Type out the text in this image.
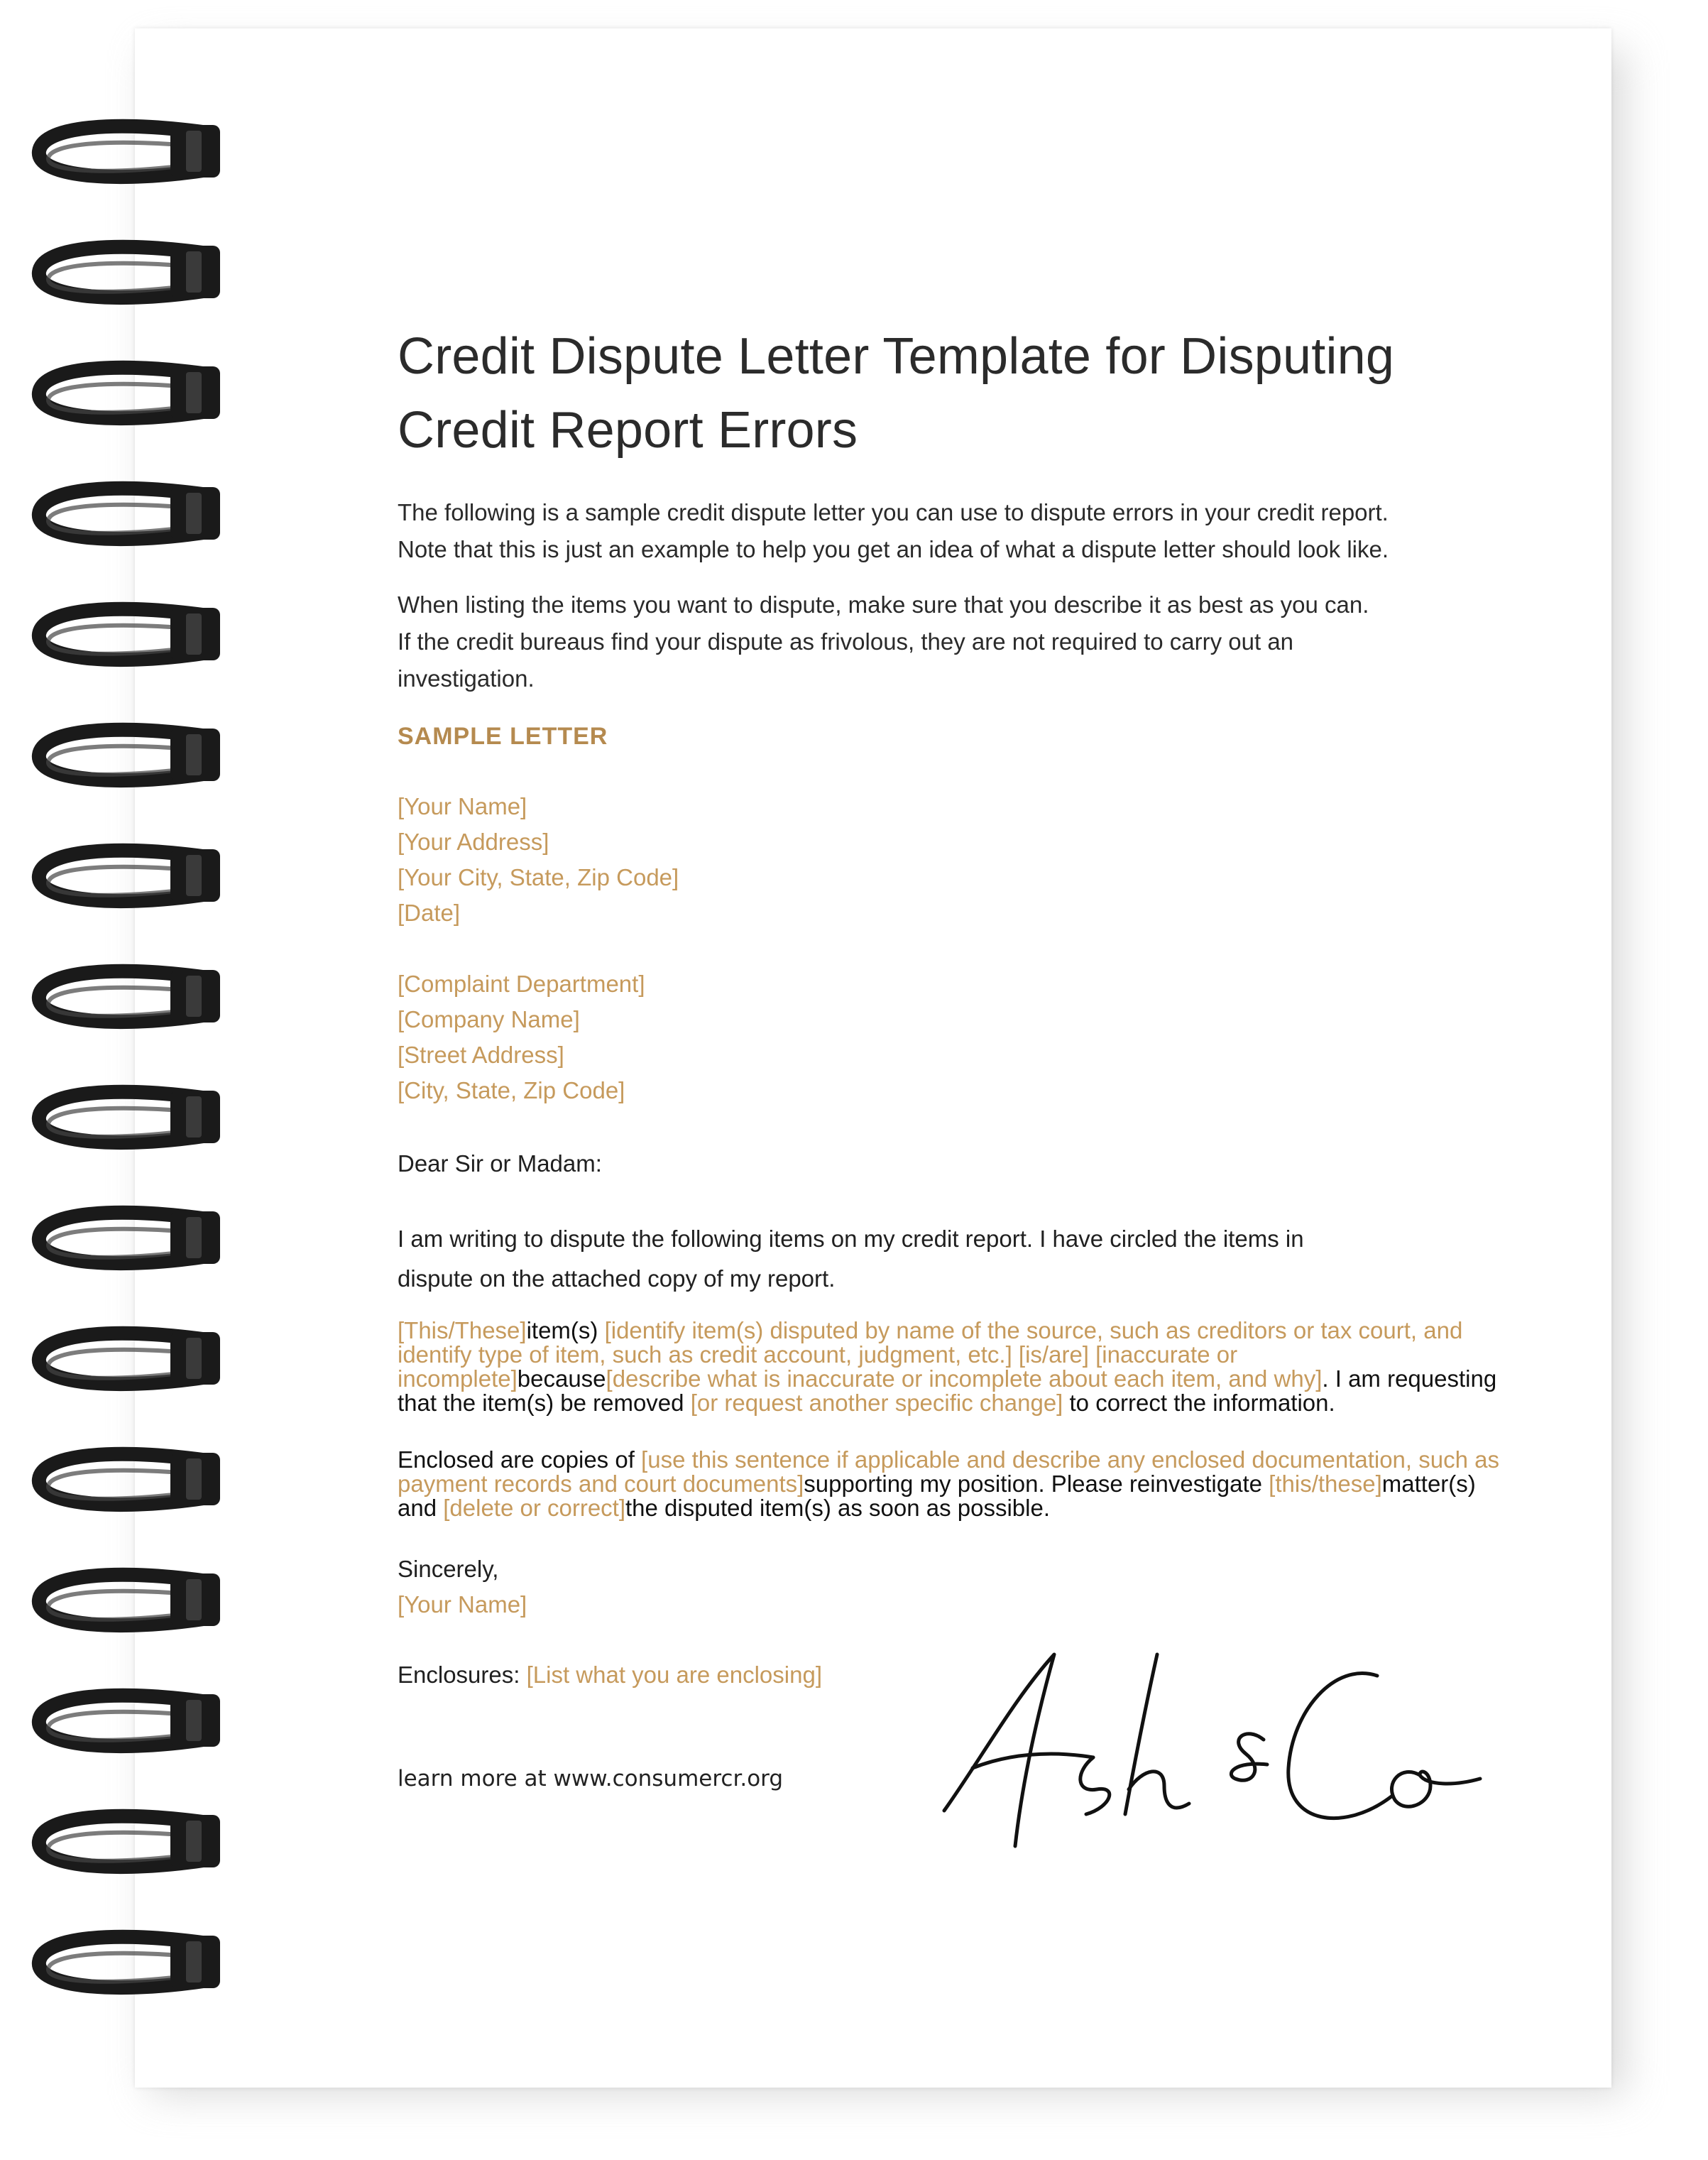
Credit Dispute Letter Template for Disputing
Credit Report Errors

The following is a sample credit dispute letter you can use to dispute errors in your credit report.
Note that this is just an example to help you get an idea of what a dispute letter should look like.

When listing the items you want to dispute, make sure that you describe it as best as you can.
If the credit bureaus find your dispute as frivolous, they are not required to carry out an
investigation.

SAMPLE LETTER
[Your Name]
[Your Address]
[Your City, State, Zip Code]
[Date]
[Complaint Department]
[Company Name]
[Street Address]
[City, State, Zip Code]
Dear Sir or Madam:
I am writing to dispute the following items on my credit report. I have circled the items in
dispute on the attached copy of my report.
[This/These]item(s) [identify item(s) disputed by name of the source, such as creditors or tax court, and identify type of item, such as credit account, judgment, etc.] [is/are] [inaccurate or incomplete]because[describe what is inaccurate or incomplete about each item, and why]. I am requesting that the item(s) be removed [or request another specific change] to correct the information.
Enclosed are copies of [use this sentence if applicable and describe any enclosed documentation, such as payment records and court documents]supporting my position. Please reinvestigate [this/these]matter(s) and [delete or correct]the disputed item(s) as soon as possible.
Sincerely,
[Your Name]
Enclosures: [List what you are enclosing]
learn more at www.consumercr.org
